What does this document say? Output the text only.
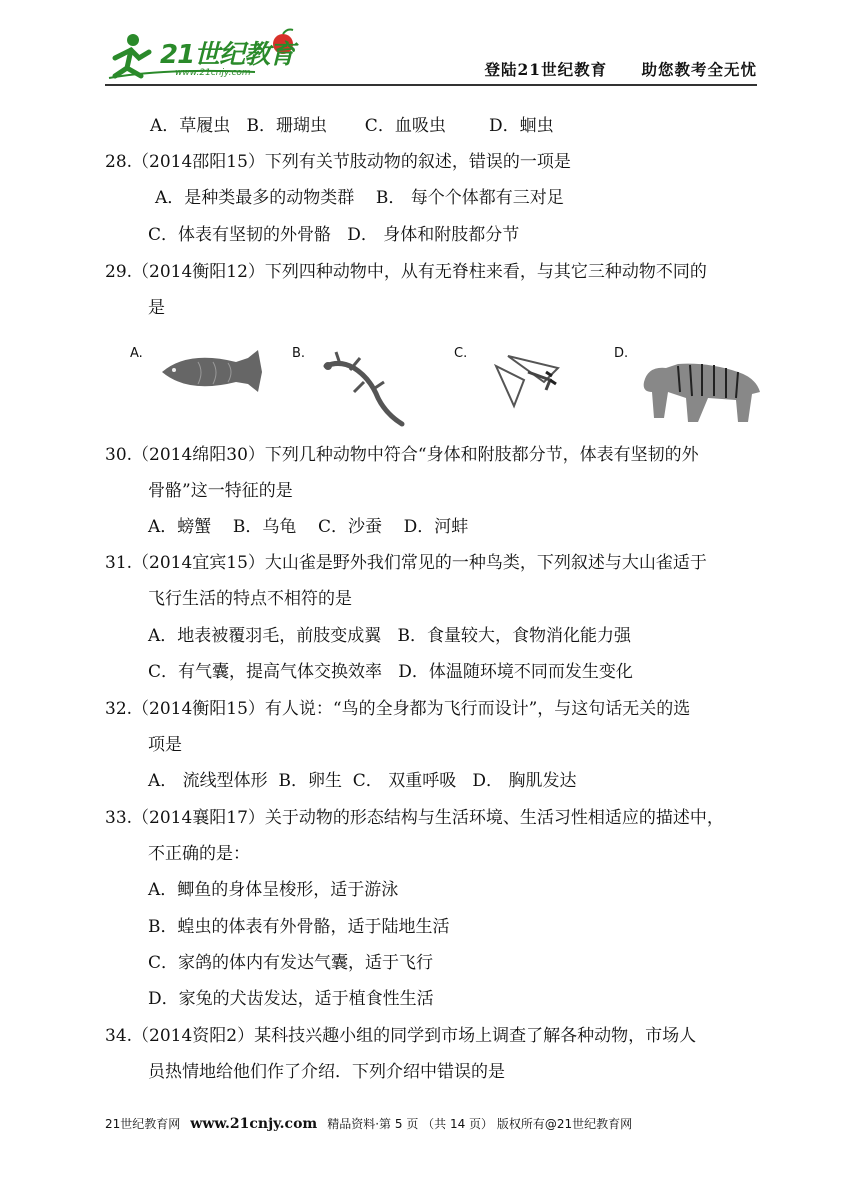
21世纪教育
www.21cnjy.com	登陆21世纪教育 助您教考全无忧
A．草履虫   B．珊瑚虫       C．血吸虫        D．蛔虫
28.（2014邵阳15）下列有关节肢动物的叙述，错误的一项是
A．是种类最多的动物类群    B． 每个个体都有三对足
C．体表有坚韧的外骨骼   D． 身体和附肢都分节
29.（2014衡阳12）下列四种动物中，从有无脊柱来看，与其它三种动物不同的
是
30.（2014绵阳30）下列几种动物中符合“身体和附肢都分节，体表有坚韧的外
骨骼”这一特征的是
A．螃蟹    B．乌龟    C．沙蚕    D．河蚌
31.（2014宜宾15）大山雀是野外我们常见的一种鸟类，下列叙述与大山雀适于
飞行生活的特点不相符的是
A．地表被覆羽毛，前肢变成翼   B．食量较大，食物消化能力强
C．有气囊，提高气体交换效率   D．体温随环境不同而发生变化
32.（2014衡阳15）有人说：“鸟的全身都为飞行而设计”，与这句话无关的选
项是
A． 流线型体形  B．卵生  C． 双重呼吸   D． 胸肌发达
33.（2014襄阳17）关于动物的形态结构与生活环境、生活习性相适应的描述中，
不正确的是：
A．鲫鱼的身体呈梭形，适于游泳
B．蝗虫的体表有外骨骼，适于陆地生活
C．家鸽的体内有发达气囊，适于飞行
D．家兔的犬齿发达，适于植食性生活
34.（2014资阳2）某科技兴趣小组的同学到市场上调查了解各种动物，市场人
员热情地给他们作了介绍．下列介绍中错误的是
A.	B.	C.	D.
21世纪教育网 www.21cnjy.com 精品资料·第 5 页 （共 14 页） 版权所有@21世纪教育网
